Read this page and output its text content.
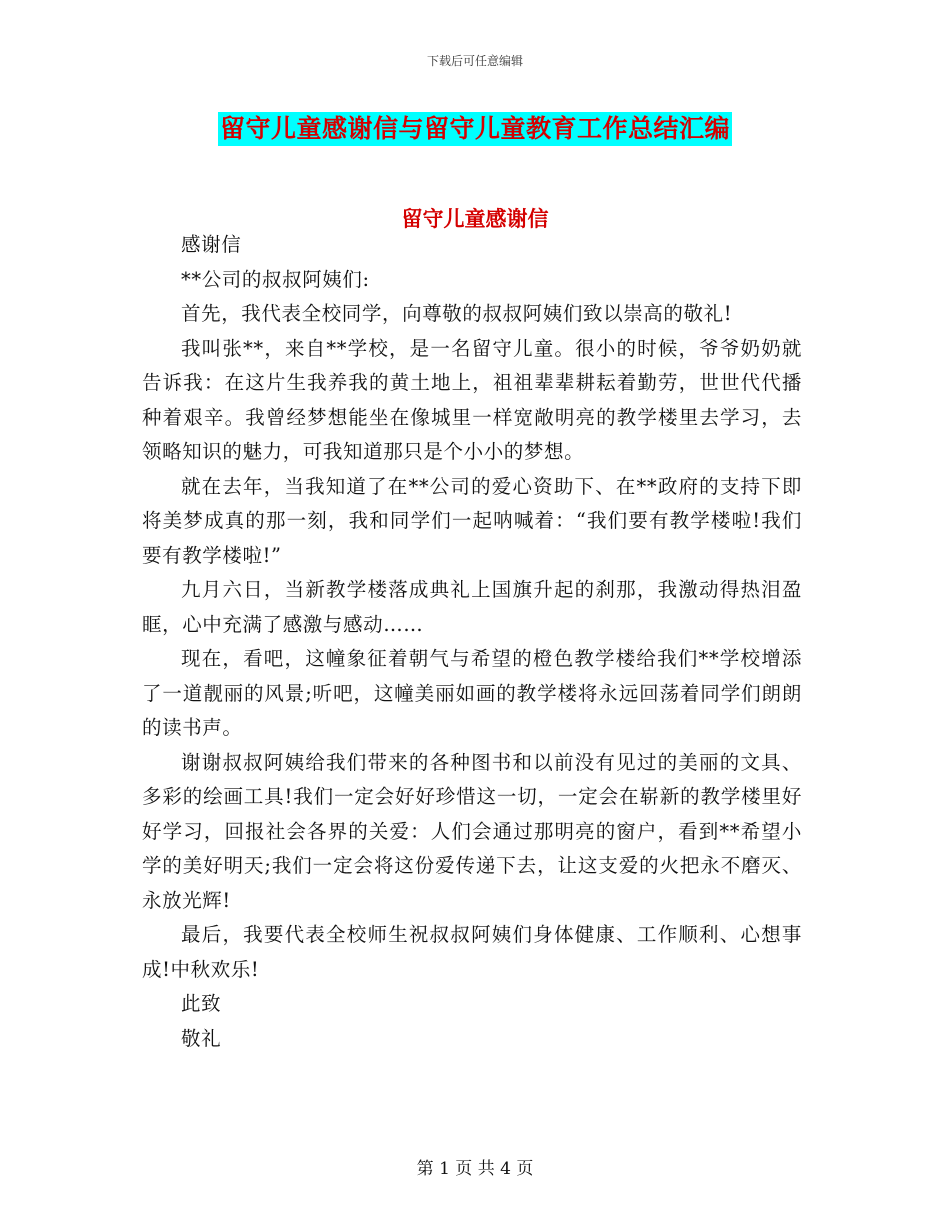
下载后可任意编辑
留守儿童感谢信与留守儿童教育工作总结汇编
留守儿童感谢信

感谢信

**公司的叔叔阿姨们:

首先，我代表全校同学，向尊敬的叔叔阿姨们致以崇高的敬礼!

我叫张**，来自**学校，是一名留守儿童。很小的时候，爷爷奶奶就告诉我：在这片生我养我的黄土地上，祖祖辈辈耕耘着勤劳，世世代代播种着艰辛。我曾经梦想能坐在像城里一样宽敞明亮的教学楼里去学习，去领略知识的魅力，可我知道那只是个小小的梦想。

就在去年，当我知道了在**公司的爱心资助下、在**政府的支持下即将美梦成真的那一刻，我和同学们一起呐喊着：“我们要有教学楼啦!我们要有教学楼啦!”

九月六日，当新教学楼落成典礼上国旗升起的刹那，我激动得热泪盈眶，心中充满了感激与感动……

现在，看吧，这幢象征着朝气与希望的橙色教学楼给我们**学校增添了一道靓丽的风景;听吧，这幢美丽如画的教学楼将永远回荡着同学们朗朗的读书声。

谢谢叔叔阿姨给我们带来的各种图书和以前没有见过的美丽的文具、多彩的绘画工具!我们一定会好好珍惜这一切，一定会在崭新的教学楼里好好学习，回报社会各界的关爱：人们会通过那明亮的窗户，看到**希望小学的美好明天;我们一定会将这份爱传递下去，让这支爱的火把永不磨灭、永放光辉!

最后，我要代表全校师生祝叔叔阿姨们身体健康、工作顺利、心想事成!中秋欢乐!

此致

敬礼

第 1 页 共 4 页
